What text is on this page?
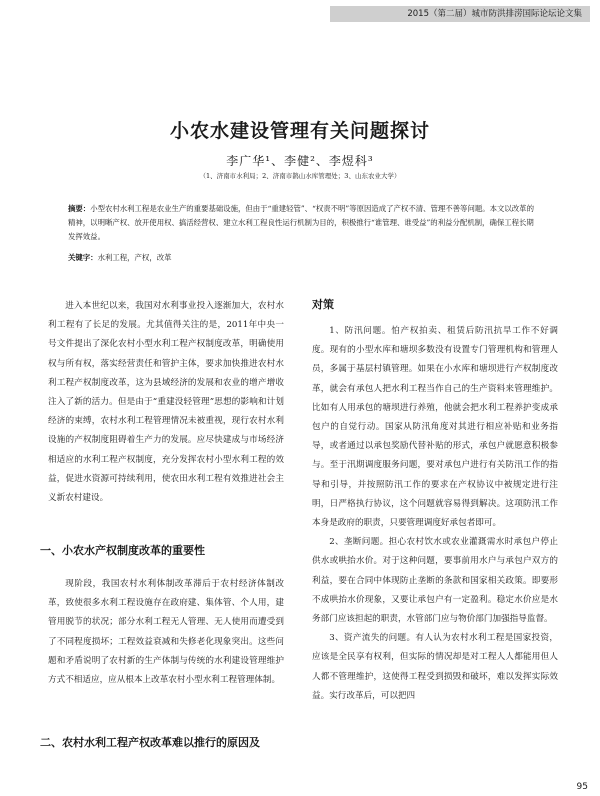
2015（第二届）城市防洪排涝国际论坛论文集
小农水建设管理有关问题探讨
李广华¹、李健²、李煜科³
（1、济南市水利局；2、济南市鹊山水库管理处；3、山东农业大学）
摘要：小型农村水利工程是农业生产的重要基础设施，但由于“重建轻管”、“权责不明”等原因造成了产权不清、管理不善等问题。本文以改革的精神，以明晰产权、放开使用权、搞活经营权、建立水利工程良性运行机制为目的，积极推行“谁管理、谁受益”的利益分配机制，确保工程长期发挥效益。
关键字：水利工程，产权，改革

进入本世纪以来，我国对水利事业投入逐渐加大，农村水利工程有了长足的发展。尤其值得关注的是，2011年中央一号文件提出了深化农村小型水利工程产权制度改革，明确使用权与所有权，落实经营责任和管护主体，要求加快推进农村水利工程产权制度改革，这为县域经济的发展和农业的增产增收注入了新的活力。但是由于“重建没轻管理”思想的影响和计划经济的束缚，农村水利工程管理情况未被重视，现行农村水利设施的产权制度阻碍着生产力的发展。应尽快建成与市场经济相适应的水利工程产权制度，充分发挥农村小型水利工程的效益，促进水资源可持续利用，使农田水利工程有效推进社会主义新农村建设。

一、小农水产权制度改革的重要性

现阶段，我国农村水利体制改革滞后于农村经济体制改革，致使很多水利工程设施存在政府建、集体管、个人用，建管用脱节的状况；部分水利工程无人管理、无人使用而遭受到了不同程度损坏；工程效益衰减和失修老化现象突出。这些问题和矛盾说明了农村新的生产体制与传统的水利建设管理维护方式不相适应，应从根本上改革农村小型水利工程管理体制。

二、农村水利工程产权改革难以推行的原因及
对策

1、防汛问题。怕产权拍卖、租赁后防汛抗旱工作不好调度。现有的小型水库和塘坝多数没有设置专门管理机构和管理人员，多属于基层村镇管理。如果在小水库和塘坝进行产权制度改革，就会有承包人把水利工程当作自己的生产资料来管理维护。比如有人用承包的塘坝进行养殖，他就会把水利工程养护变成承包户的自觉行动。国家从防汛角度对其进行相应补贴和业务指导，或者通过以承包奖励代替补贴的形式，承包户就愿意积极参与。至于汛期调度服务问题，要对承包户进行有关防汛工作的指导和引导，并按照防汛工作的要求在产权协议中被规定进行注明，日严格执行协议，这个问题就容易得到解决。这项防汛工作本身是政府的职责，只要管理调度好承包者即可。

2、垄断问题。担心农村饮水或农业灌溉需水时承包户停止供水或哄抬水价。对于这种问题，要事前用水户与承包户双方的利益，要在合同中体现防止垄断的条款和国家相关政策。即要形不成哄抬水价现象，又要让承包户有一定盈利。稳定水价应是水务部门应该担起的职责，水管部门应与物价部门加强指导监督。

3、资产流失的问题。有人认为农村水利工程是国家投资，应该是全民享有权利，但实际的情况却是对工程人人都能用但人人都不管理维护，这使得工程受到损毁和破坏，难以发挥实际效益。实行改革后，可以把四

95
